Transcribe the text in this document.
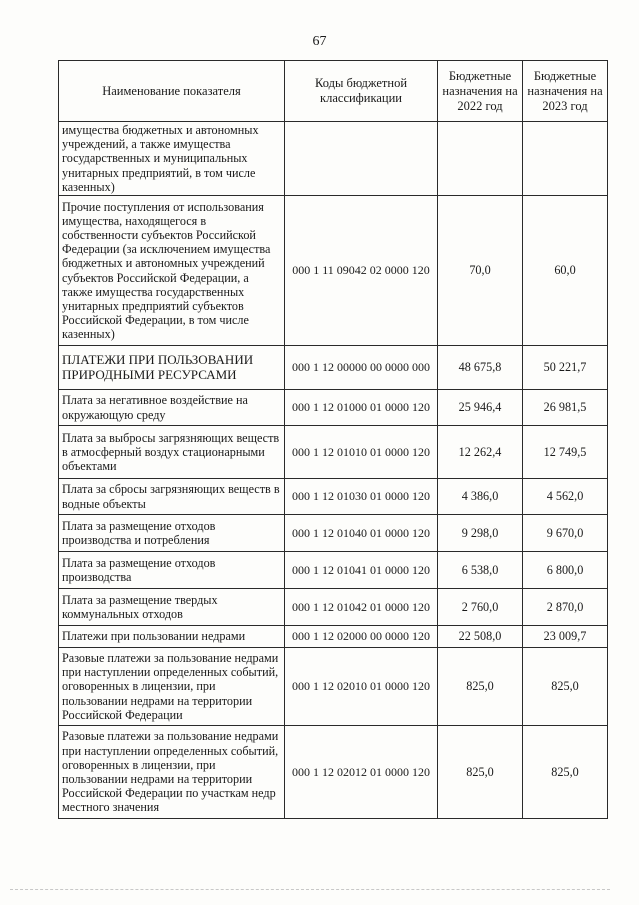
67
Наименование показателя	Коды бюджетной классификации	Бюджетные назначения на 2022 год	Бюджетные назначения на 2023 год
имущества бюджетных и автономных учреждений, а также имущества государственных и муниципальных унитарных предприятий, в том числе казенных)			
Прочие поступления от использования имущества, находящегося в собственности субъектов Российской Федерации (за исключением имущества бюджетных и автономных учреждений субъектов Российской Федерации, а также имущества государственных унитарных предприятий субъектов Российской Федерации, в том числе казенных)	000 1 11 09042 02 0000 120	70,0	60,0
ПЛАТЕЖИ ПРИ ПОЛЬЗОВАНИИ ПРИРОДНЫМИ РЕСУРСАМИ	000 1 12 00000 00 0000 000	48 675,8	50 221,7
Плата за негативное воздействие на окружающую среду	000 1 12 01000 01 0000 120	25 946,4	26 981,5
Плата за выбросы загрязняющих веществ в атмосферный воздух стационарными объектами	000 1 12 01010 01 0000 120	12 262,4	12 749,5
Плата за сбросы загрязняющих веществ в водные объекты	000 1 12 01030 01 0000 120	4 386,0	4 562,0
Плата за размещение отходов производства и потребления	000 1 12 01040 01 0000 120	9 298,0	9 670,0
Плата за размещение отходов производства	000 1 12 01041 01 0000 120	6 538,0	6 800,0
Плата за размещение твердых коммунальных отходов	000 1 12 01042 01 0000 120	2 760,0	2 870,0
Платежи при пользовании недрами	000 1 12 02000 00 0000 120	22 508,0	23 009,7
Разовые платежи за пользование недрами при наступлении определенных событий, оговоренных в лицензии, при пользовании недрами на территории Российской Федерации	000 1 12 02010 01 0000 120	825,0	825,0
Разовые платежи за пользование недрами при наступлении определенных событий, оговоренных в лицензии, при пользовании недрами на территории Российской Федерации по участкам недр местного значения	000 1 12 02012 01 0000 120	825,0	825,0
